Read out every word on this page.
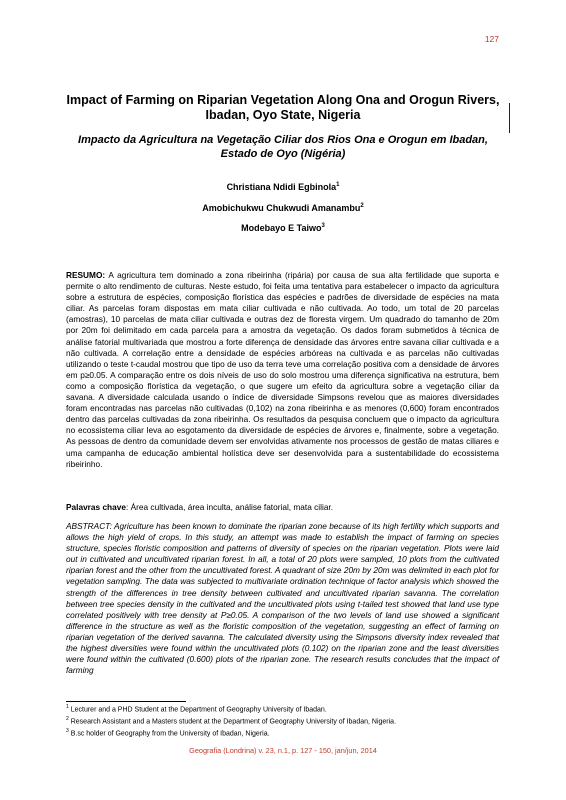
127
Impact of Farming on Riparian Vegetation Along Ona and Orogun Rivers, Ibadan, Oyo State, Nigeria
Impacto da Agricultura na Vegetação Ciliar dos Rios Ona e Orogun em Ibadan, Estado de Oyo (Nigéria)
Christiana Ndidi Egbinola$^1$
Amobichukwu Chukwudi Amanambu$^2$
Modebayo E Taiwo$^3$

RESUMO: A agricultura tem dominado a zona ribeirinha (ripária) por causa de sua alta fertilidade que suporta e permite o alto rendimento de culturas. Neste estudo, foi feita uma tentativa para estabelecer o impacto da agricultura sobre a estrutura de espécies, composição florística das espécies e padrões de diversidade de espécies na mata ciliar. As parcelas foram dispostas em mata ciliar cultivada e não cultivada. Ao todo, um total de 20 parcelas (amostras), 10 parcelas de mata ciliar cultivada e outras dez de floresta virgem. Um quadrado do tamanho de 20m por 20m foi delimitado em cada parcela para a amostra da vegetação. Os dados foram submetidos à técnica de análise fatorial multivariada que mostrou a forte diferença de densidade das árvores entre savana ciliar cultivada e a não cultivada. A correlação entre a densidade de espécies arbóreas na cultivada e as parcelas não cultivadas utilizando o teste t-caudal mostrou que tipo de uso da terra teve uma correlação positiva com a densidade de árvores em p≥0.05. A comparação entre os dois níveis de uso do solo mostrou uma diferença significativa na estrutura, bem como a composição florística da vegetação, o que sugere um efeito da agricultura sobre a vegetação ciliar da savana. A diversidade calculada usando o índice de diversidade Simpsons revelou que as maiores diversidades foram encontradas nas parcelas não cultivadas (0,102) na zona ribeirinha e as menores (0,600) foram encontrados dentro das parcelas cultivadas da zona ribeirinha. Os resultados da pesquisa concluem que o impacto da agricultura no ecossistema ciliar leva ao esgotamento da diversidade de espécies de árvores e, finalmente, sobre a vegetação. As pessoas de dentro da comunidade devem ser envolvidas ativamente nos processos de gestão de matas ciliares e uma campanha de educação ambiental holística deve ser desenvolvida para a sustentabilidade do ecossistema ribeirinho.

Palavras chave: Área cultivada, área inculta, análise fatorial, mata ciliar.

ABSTRACT: Agriculture has been known to dominate the riparian zone because of its high fertility which supports and allows the high yield of crops. In this study, an attempt was made to establish the impact of farming on species structure, species floristic composition and patterns of diversity of species on the riparian vegetation. Plots were laid out in cultivated and uncultivated riparian forest. In all, a total of 20 plots were sampled, 10 plots from the cultivated riparian forest and the other from the uncultivated forest. A quadrant of size 20m by 20m was delimited in each plot for vegetation sampling. The data was subjected to multivariate ordination technique of factor analysis which showed the strength of the differences in tree density between cultivated and uncultivated riparian savanna. The correlation between tree species density in the cultivated and the uncultivated plots using t-tailed test showed that land use type correlated positively with tree density at P≥0.05. A comparison of the two levels of land use showed a significant difference in the structure as well as the floristic composition of the vegetation, suggesting an effect of farming on riparian vegetation of the derived savanna. The calculated diversity using the Simpsons diversity index revealed that the highest diversities were found within the uncultivated plots (0.102) on the riparian zone and the least diversities were found within the cultivated (0.600) plots of the riparian zone. The research results concludes that the impact of farming

$^1$ Lecturer and a PHD Student at the Department of Geography University of Ibadan.
$^2$ Research Assistant and a Masters student at the Department of Geography University of Ibadan, Nigeria.
$^3$ B.sc holder of Geography from the University of Ibadan, Nigeria.
Geografia (Londrina) v. 23, n.1, p. 127 - 150, jan/jun, 2014
